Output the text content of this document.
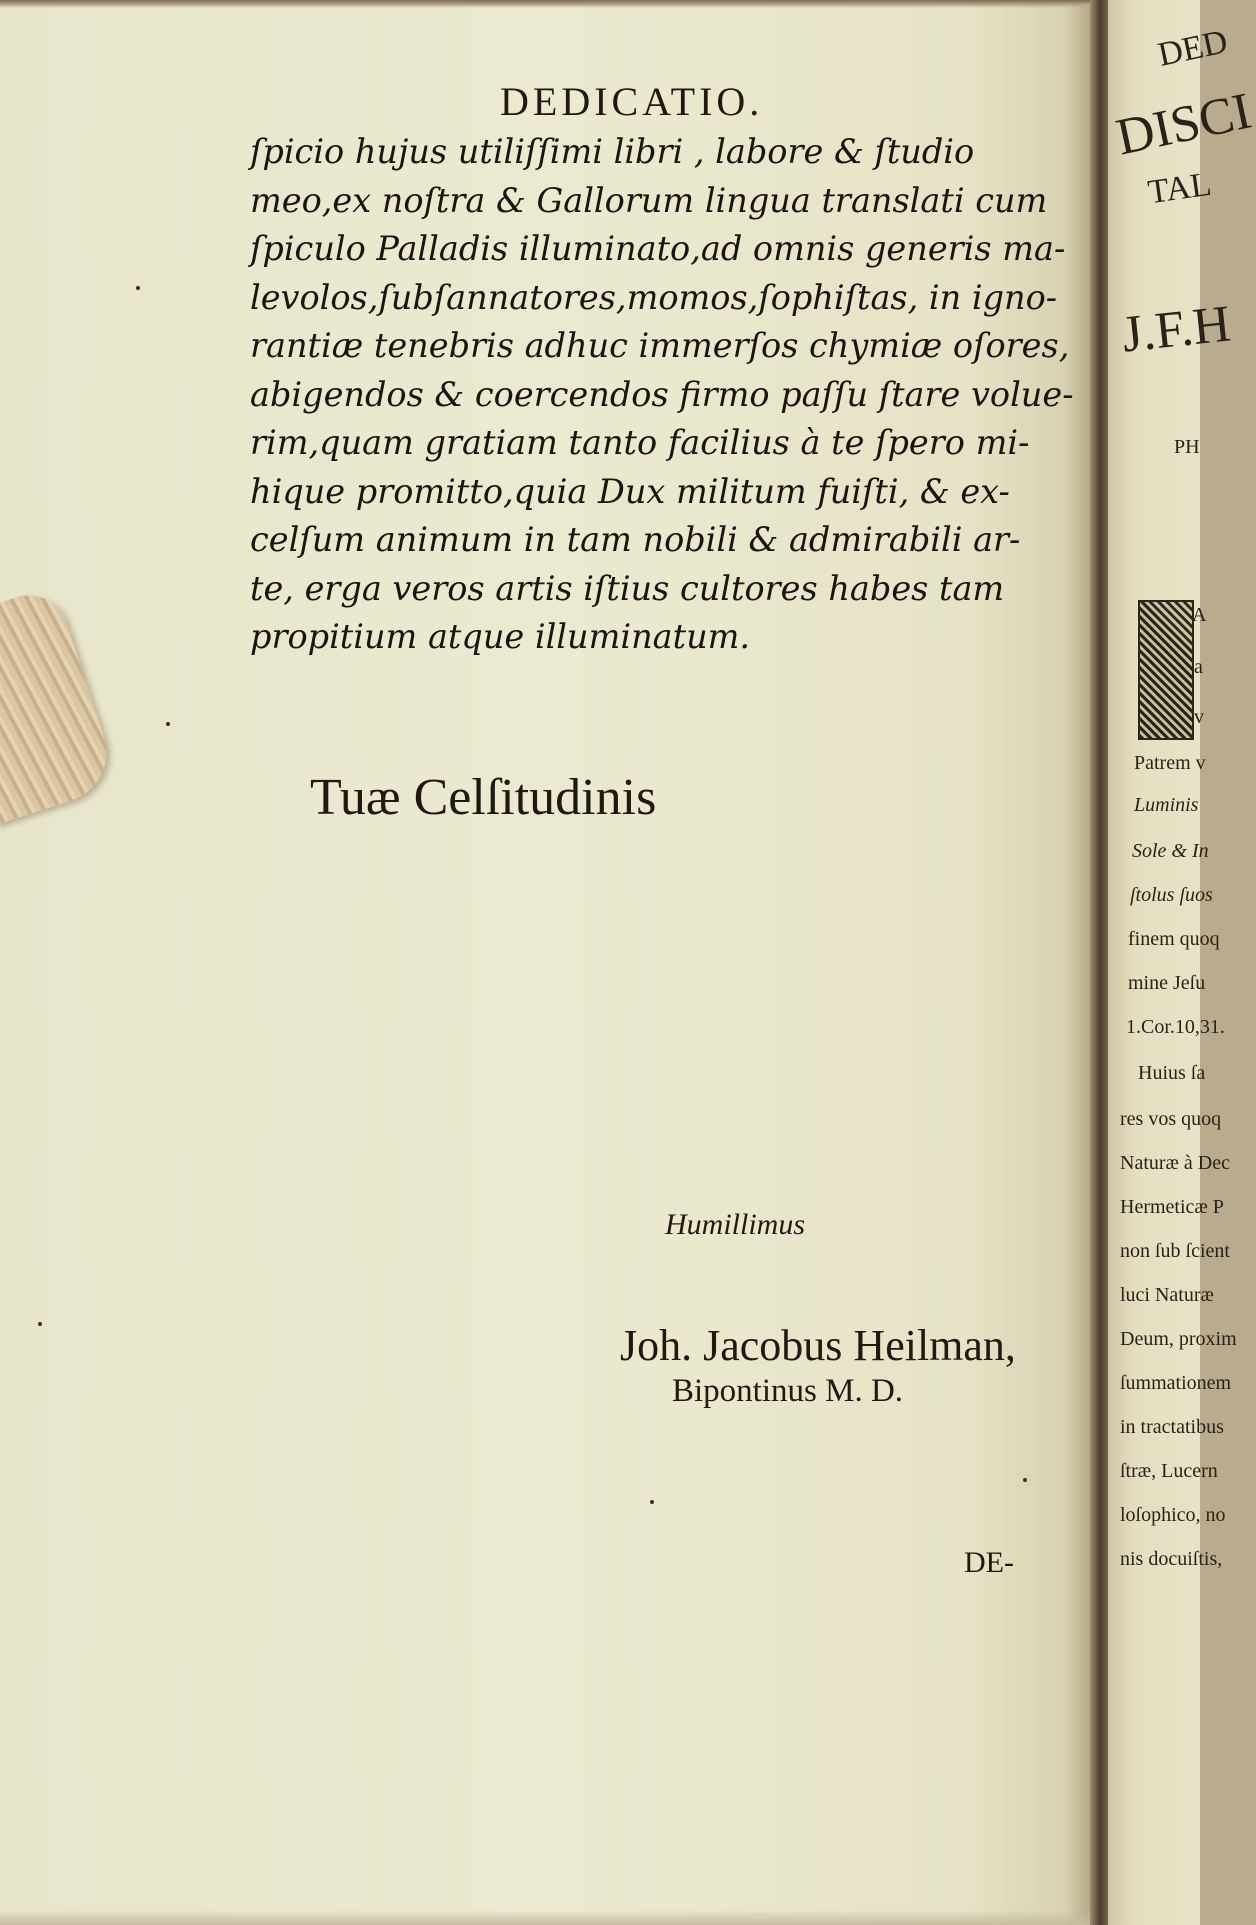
DEDICATIO.
ſpicio hujus utiliſſimi libri , labore & ſtudio
meo,ex noſtra & Gallorum lingua translati cum
ſpiculo Palladis illuminato,ad omnis generis ma-
levolos,ſubſannatores,momos,ſophiſtas, in igno-
rantiæ tenebris adhuc immerſos chymiæ oſores,
abigendos & coercendos firmo paſſu ſtare volue-
rim,quam gratiam tanto facilius à te ſpero mi-
hique promitto,quia Dux militum fuiſti, & ex-
celſum animum in tam nobili & admirabili ar-
te, erga veros artis iſtius cultores habes tam
propitium atque illuminatum.
Tuæ Celſitudinis
Humillimus
Joh. Jacobus Heilman,
Bipontinus M. D.
DE-
DED
DISCI
TAL
J.F.H
PH
A
a
v
Patrem v
Luminis
Sole & In
ſtolus ſuos
finem quoq
mine Jeſu
1.Cor.10,31.
Huius ſa
res vos quoq
Naturæ à Dec
Hermeticæ P
non ſub ſcient
luci Naturæ
Deum, proxim
ſummationem
in tractatibus
ſtræ, Lucern
loſophico, no
nis docuiſtis,
